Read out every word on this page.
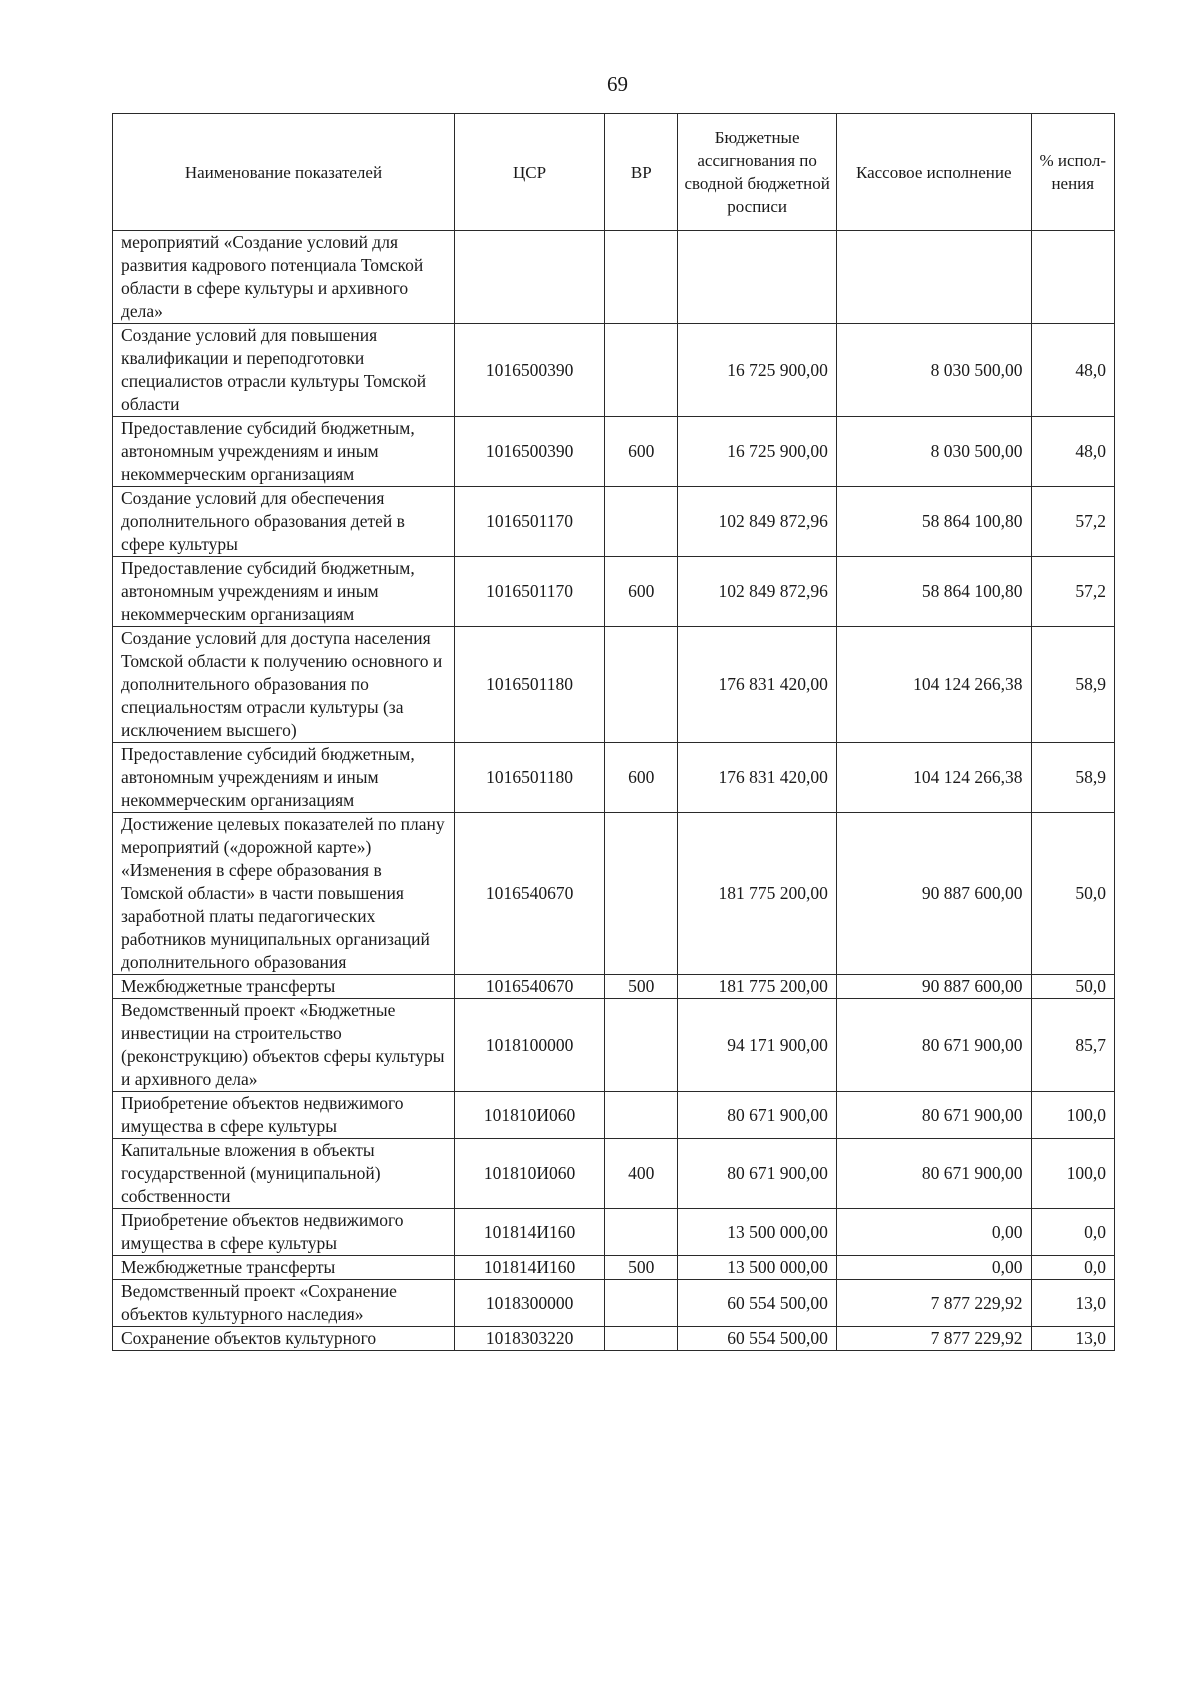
69
Наименование показателей	ЦСР	ВР	Бюджетные ассигнования по сводной бюджетной росписи	Кассовое исполнение	% испол-нения
мероприятий «Создание условий для развития кадрового потенциала Томской области в сфере культуры и архивного дела»					
Создание условий для повышения квалификации и переподготовки специалистов отрасли культуры Томской области	1016500390		16 725 900,00	8 030 500,00	48,0
Предоставление субсидий бюджетным, автономным учреждениям и иным некоммерческим организациям	1016500390	600	16 725 900,00	8 030 500,00	48,0
Создание условий для обеспечения дополнительного образования детей в сфере культуры	1016501170		102 849 872,96	58 864 100,80	57,2
Предоставление субсидий бюджетным, автономным учреждениям и иным некоммерческим организациям	1016501170	600	102 849 872,96	58 864 100,80	57,2
Создание условий для доступа населения Томской области к получению основного и дополнительного образования по специальностям отрасли культуры (за исключением высшего)	1016501180		176 831 420,00	104 124 266,38	58,9
Предоставление субсидий бюджетным, автономным учреждениям и иным некоммерческим организациям	1016501180	600	176 831 420,00	104 124 266,38	58,9
Достижение целевых показателей по плану мероприятий («дорожной карте») «Изменения в сфере образования в Томской области» в части повышения заработной платы педагогических работников муниципальных организаций дополнительного образования	1016540670		181 775 200,00	90 887 600,00	50,0
Межбюджетные трансферты	1016540670	500	181 775 200,00	90 887 600,00	50,0
Ведомственный проект «Бюджетные инвестиции на строительство (реконструкцию) объектов сферы культуры и архивного дела»	1018100000		94 171 900,00	80 671 900,00	85,7
Приобретение объектов недвижимого имущества в сфере культуры	101810И060		80 671 900,00	80 671 900,00	100,0
Капитальные вложения в объекты государственной (муниципальной) собственности	101810И060	400	80 671 900,00	80 671 900,00	100,0
Приобретение объектов недвижимого имущества в сфере культуры	101814И160		13 500 000,00	0,00	0,0
Межбюджетные трансферты	101814И160	500	13 500 000,00	0,00	0,0
Ведомственный проект «Сохранение объектов культурного наследия»	1018300000		60 554 500,00	7 877 229,92	13,0
Сохранение объектов культурного	1018303220		60 554 500,00	7 877 229,92	13,0
